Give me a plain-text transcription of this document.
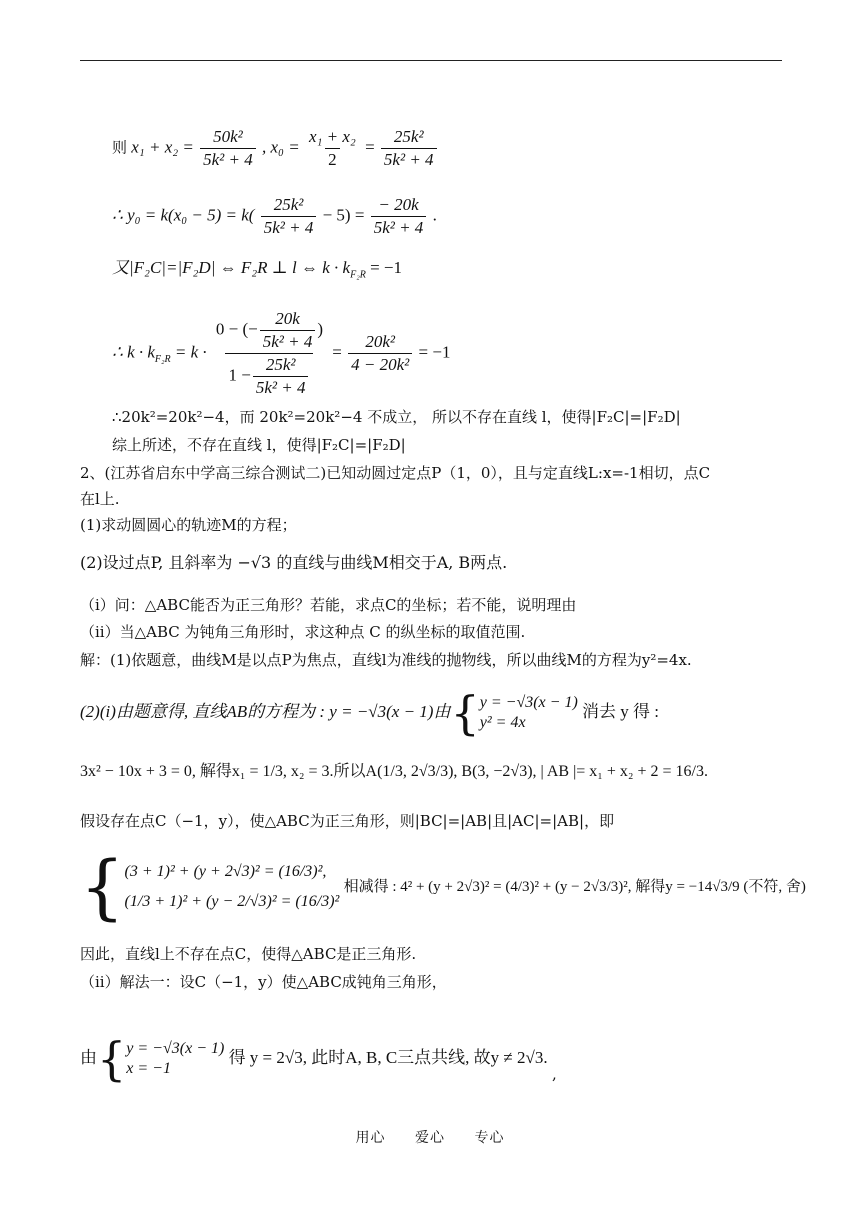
则 $x_1 + x_2 = \frac{\text{50k²}}{\text{5k² + 4}}$ , $x_0 = \frac{\text{x₁ + x₂}}{2} = \frac{\text{25k²}}{\text{5k² + 4}}$
∴ $y_0 = k(x_0 - 5) = k( \frac{\text{25k²}}{\text{5k² + 4}} - 5) = \frac{- 20k}{\text{5k² + 4}}$ .
又|F₂C|=|F₂D| ⇔ F₂R ⊥ l ⇔ $k \cdot k_{F_2R} = -1$
∴ $k \cdot k_{F_2R} = k \cdot \frac{0 - (- \frac{20k}{\text{5k² + 4}} )}{1 - \frac{\text{25k²}}{\text{5k² + 4}}} = \frac{\text{20k²}}{\text{4 − 20k²}} = -1$
∴20k²=20k²−4，而 20k²=20k²−4 不成立， 所以不存在直线 l，使得|F₂C|=|F₂D|
综上所述，不存在直线 l，使得|F₂C|=|F₂D|
2、(江苏省启东中学高三综合测试二)已知动圆过定点P（1，0），且与定直线L:x=-1相切，点C
在l上.
(1)求动圆圆心的轨迹M的方程；
(2)设过点P, 且斜率为 −√3 的直线与曲线M相交于A, B两点.
（i）问：△ABC能否为正三角形？若能，求点C的坐标；若不能，说明理由
（ii）当△ABC 为钝角三角形时，求这种点 C 的纵坐标的取值范围.
解：(1)依题意，曲线M是以点P为焦点，直线l为准线的抛物线，所以曲线M的方程为y²=4x.
(2)(i)由题意得, 直线AB的方程为 : y = −√3(x − 1)由{ y = −√3(x − 1)
y² = 4x
消去 y 得 :
3x² − 10x + 3 = 0, 解得x₁ = 1/3, x₂ = 3.所以A(1/3, 2√3/3), B(3, −2√3), | AB |= x₁ + x₂ + 2 = 16/3.
假设存在点C（−1，y），使△ABC为正三角形，则|BC|=|AB|且|AC|=|AB|，即
{ (3 + 1)² + (y + 2√3)² = (16/3)²,
(1/3 + 1)² + (y − 2/√3)² = (16/3)²
相减得 : 4² + (y + 2√3)² = (4/3)² + (y − 2√3/3)², 解得y = −14√3/9 (不符, 舍)
因此，直线l上不存在点C，使得△ABC是正三角形.
（ii）解法一：设C（−1，y）使△ABC成钝角三角形，
由{ y = −√3(x − 1)
x = −1
得 y = 2√3, 此时A, B, C三点共线, 故y ≠ 2√3.
,
用心 爱心 专心
